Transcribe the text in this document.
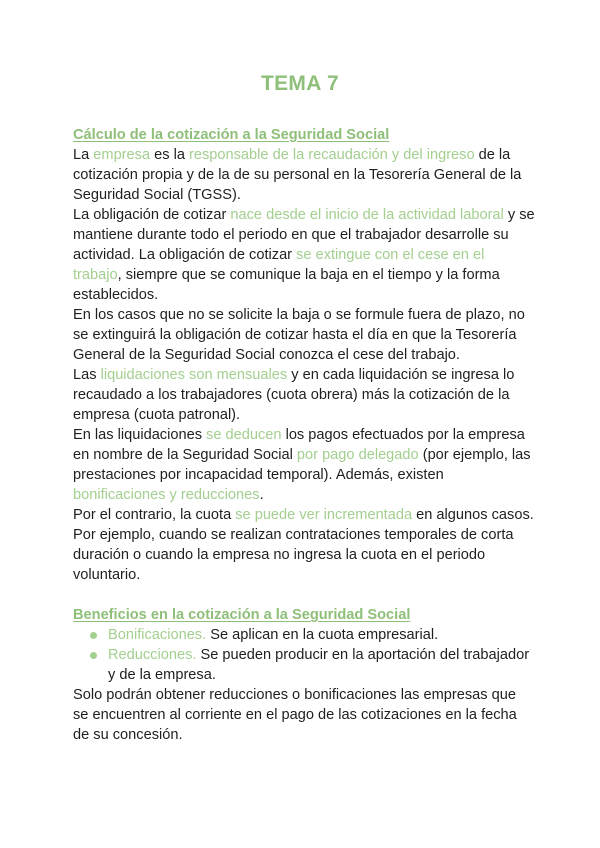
TEMA 7
Cálculo de la cotización a la Seguridad Social

La empresa es la responsable de la recaudación y del ingreso de la cotización propia y de la de su personal en la Tesorería General de la Seguridad Social (TGSS).

La obligación de cotizar nace desde el inicio de la actividad laboral y se mantiene durante todo el periodo en que el trabajador desarrolle su actividad. La obligación de cotizar se extingue con el cese en el trabajo, siempre que se comunique la baja en el tiempo y la forma establecidos.

En los casos que no se solicite la baja o se formule fuera de plazo, no se extinguirá la obligación de cotizar hasta el día en que la Tesorería General de la Seguridad Social conozca el cese del trabajo.

Las liquidaciones son mensuales y en cada liquidación se ingresa lo recaudado a los trabajadores (cuota obrera) más la cotización de la empresa (cuota patronal).

En las liquidaciones se deducen los pagos efectuados por la empresa en nombre de la Seguridad Social por pago delegado (por ejemplo, las prestaciones por incapacidad temporal). Además, existen bonificaciones y reducciones.

Por el contrario, la cuota se puede ver incrementada en algunos casos. Por ejemplo, cuando se realizan contrataciones temporales de corta duración o cuando la empresa no ingresa la cuota en el periodo voluntario.

Beneficios en la cotización a la Seguridad Social
Bonificaciones. Se aplican en la cuota empresarial.
Reducciones. Se pueden producir en la aportación del trabajador y de la empresa.

Solo podrán obtener reducciones o bonificaciones las empresas que se encuentren al corriente en el pago de las cotizaciones en la fecha de su concesión.
